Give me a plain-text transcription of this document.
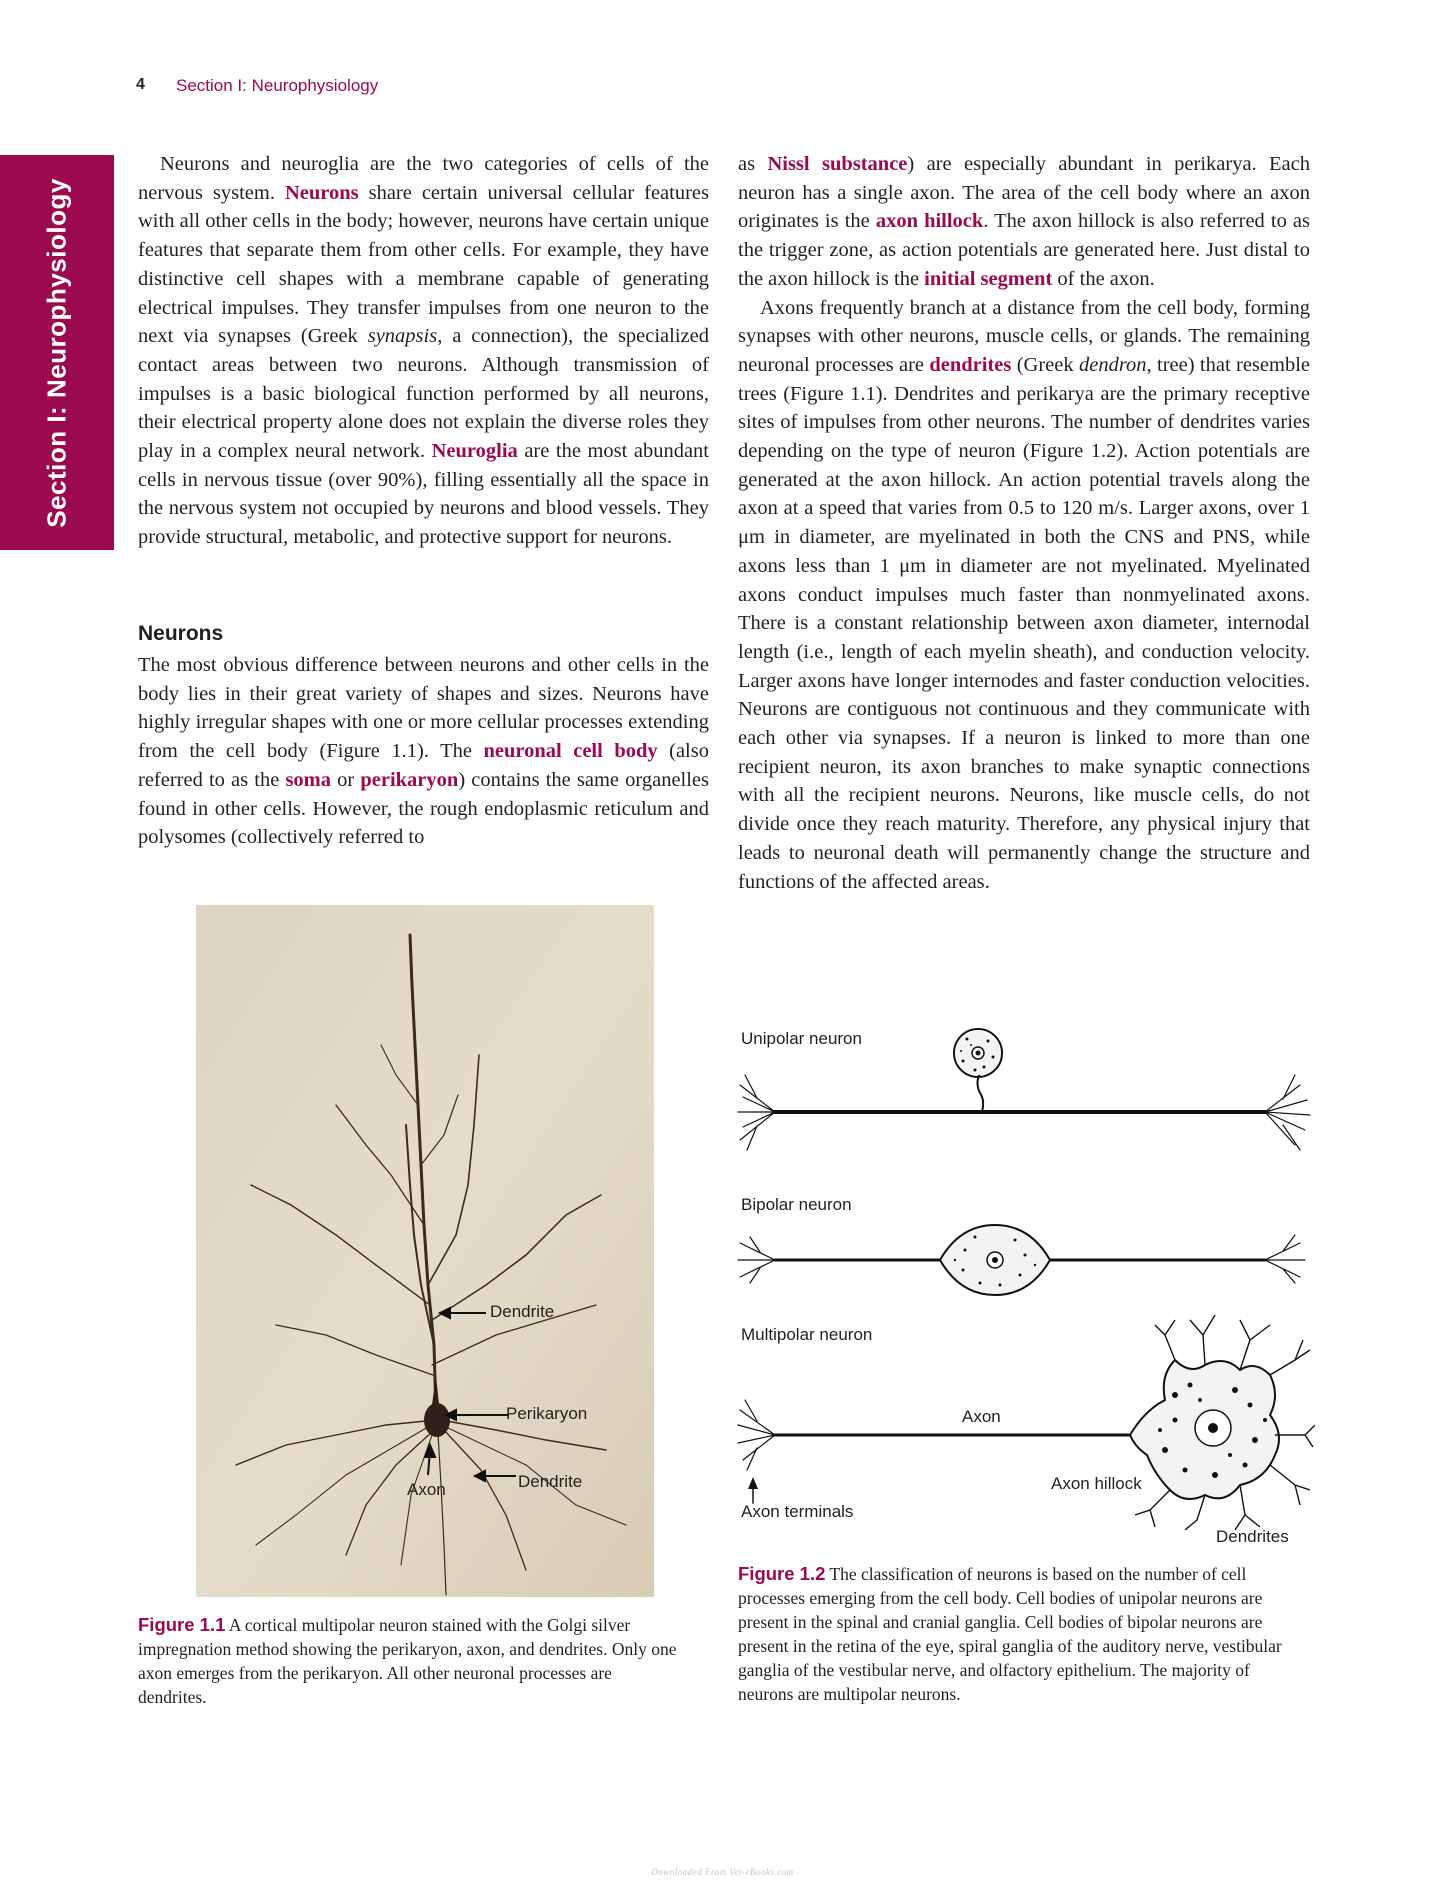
4 Section I: Neurophysiology
Section I: Neurophysiology

Neurons and neuroglia are the two categories of cells of the nervous system. Neurons share certain universal cellular features with all other cells in the body; however, neurons have certain unique features that separate them from other cells. For example, they have distinctive cell shapes with a membrane capable of generating electrical impulses. They transfer impulses from one neuron to the next via synapses (Greek synapsis, a connection), the specialized contact areas between two neurons. Although transmission of impulses is a basic biological function performed by all neurons, their electrical property alone does not explain the diverse roles they play in a complex neural network. Neuroglia are the most abundant cells in nervous tissue (over 90%), filling essentially all the space in the nervous system not occupied by neurons and blood vessels. They provide structural, metabolic, and protective support for neurons.

Neurons

The most obvious difference between neurons and other cells in the body lies in their great variety of shapes and sizes. Neurons have highly irregular shapes with one or more cellular processes extending from the cell body (Figure 1.1). The neuronal cell body (also referred to as the soma or perikaryon) contains the same organelles found in other cells. However, the rough endoplasmic reticulum and polysomes (collectively referred to

as Nissl substance) are especially abundant in perikarya. Each neuron has a single axon. The area of the cell body where an axon originates is the axon hillock. The axon hillock is also referred to as the trigger zone, as action potentials are generated here. Just distal to the axon hillock is the initial segment of the axon.

Axons frequently branch at a distance from the cell body, forming synapses with other neurons, muscle cells, or glands. The remaining neuronal processes are dendrites (Greek dendron, tree) that resemble trees (Figure 1.1). Dendrites and perikarya are the primary receptive sites of impulses from other neurons. The number of dendrites varies depending on the type of neuron (Figure 1.2). Action potentials are generated at the axon hillock. An action potential travels along the axon at a speed that varies from 0.5 to 120 m/s. Larger axons, over 1 μm in diameter, are myelinated in both the CNS and PNS, while axons less than 1 μm in diameter are not myelinated. Myelinated axons conduct impulses much faster than nonmyelinated axons. There is a constant relationship between axon diameter, internodal length (i.e., length of each myelin sheath), and conduction velocity. Larger axons have longer internodes and faster conduction velocities. Neurons are contiguous not continuous and they communicate with each other via synapses. If a neuron is linked to more than one recipient neuron, its axon branches to make synaptic connections with all the recipient neurons. Neurons, like muscle cells, do not divide once they reach maturity. Therefore, any physical injury that leads to neuronal death will permanently change the structure and functions of the affected areas.

Dendrite
Perikaryon
Axon	Dendrite
Figure 1.1 A cortical multipolar neuron stained with the Golgi silver impregnation method showing the perikaryon, axon, and dendrites. Only one axon emerges from the perikaryon. All other neuronal processes are dendrites.
Unipolar neuron
Bipolar neuron
Multipolar neuron
Axon
Axon hillock
Axon terminals
Dendrites
Figure 1.2 The classification of neurons is based on the number of cell processes emerging from the cell body. Cell bodies of unipolar neurons are present in the spinal and cranial ganglia. Cell bodies of bipolar neurons are present in the retina of the eye, spiral ganglia of the auditory nerve, vestibular ganglia of the vestibular nerve, and olfactory epithelium. The majority of neurons are multipolar neurons.
Downloaded From Vet-eBooks.com
